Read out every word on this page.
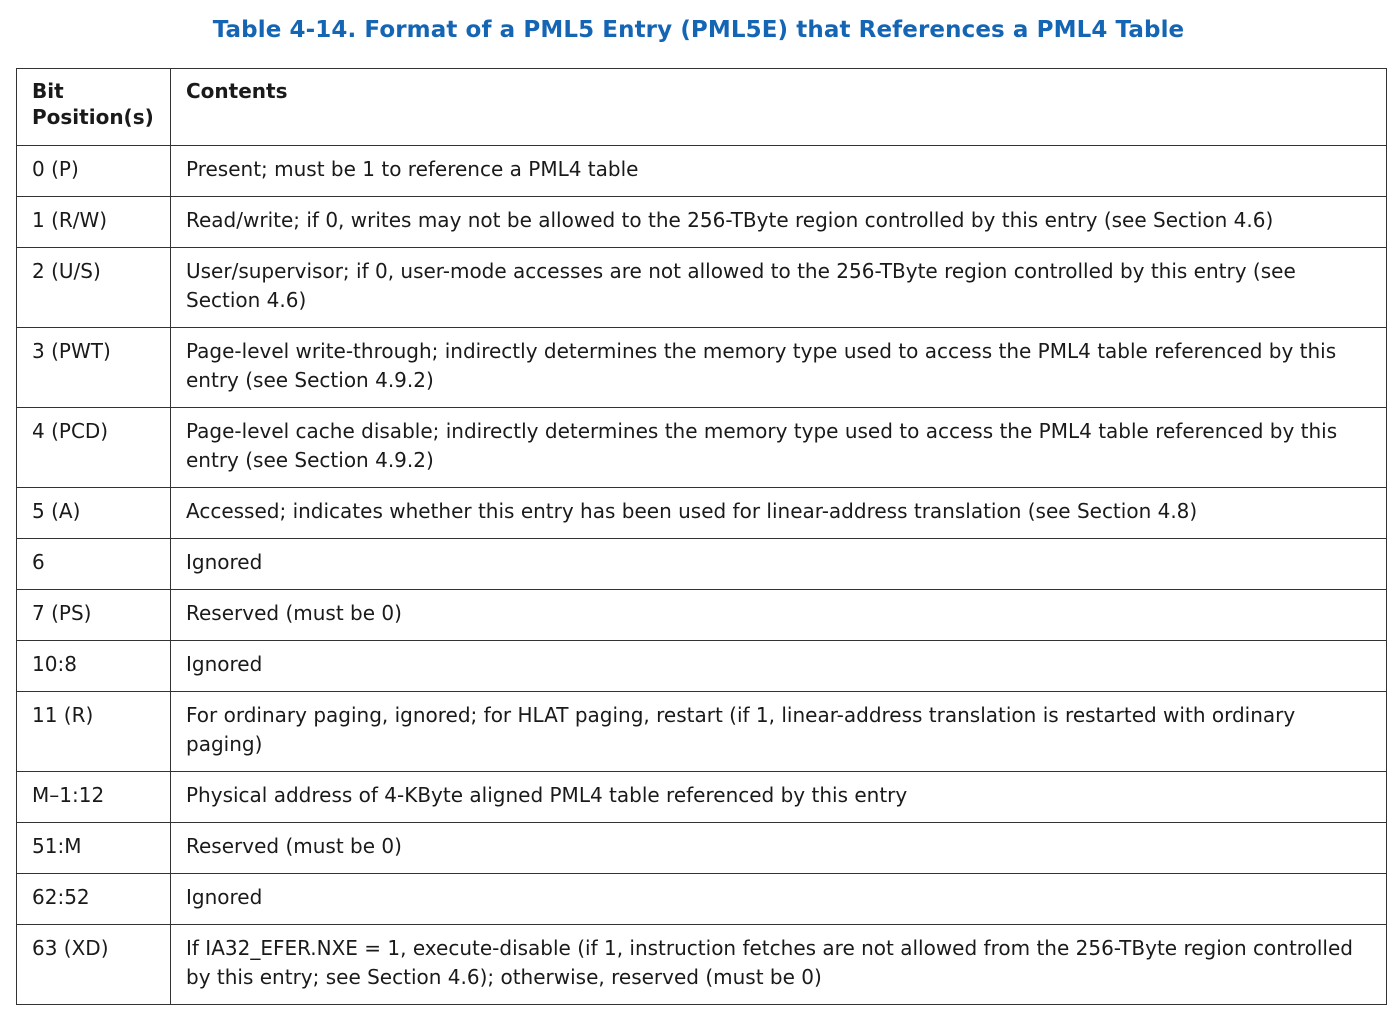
Table 4-14. Format of a PML5 Entry (PML5E) that References a PML4 Table
Bit Position(s)	Contents
0 (P)	Present; must be 1 to reference a PML4 table
1 (R/W)	Read/write; if 0, writes may not be allowed to the 256-TByte region controlled by this entry (see Section 4.6)
2 (U/S)	User/supervisor; if 0, user-mode accesses are not allowed to the 256-TByte region controlled by this entry (see Section 4.6)
3 (PWT)	Page-level write-through; indirectly determines the memory type used to access the PML4 table referenced by this entry (see Section 4.9.2)
4 (PCD)	Page-level cache disable; indirectly determines the memory type used to access the PML4 table referenced by this entry (see Section 4.9.2)
5 (A)	Accessed; indicates whether this entry has been used for linear-address translation (see Section 4.8)
6	Ignored
7 (PS)	Reserved (must be 0)
10:8	Ignored
11 (R)	For ordinary paging, ignored; for HLAT paging, restart (if 1, linear-address translation is restarted with ordinary paging)
M–1:12	Physical address of 4-KByte aligned PML4 table referenced by this entry
51:M	Reserved (must be 0)
62:52	Ignored
63 (XD)	If IA32_EFER.NXE = 1, execute-disable (if 1, instruction fetches are not allowed from the 256-TByte region controlled by this entry; see Section 4.6); otherwise, reserved (must be 0)
